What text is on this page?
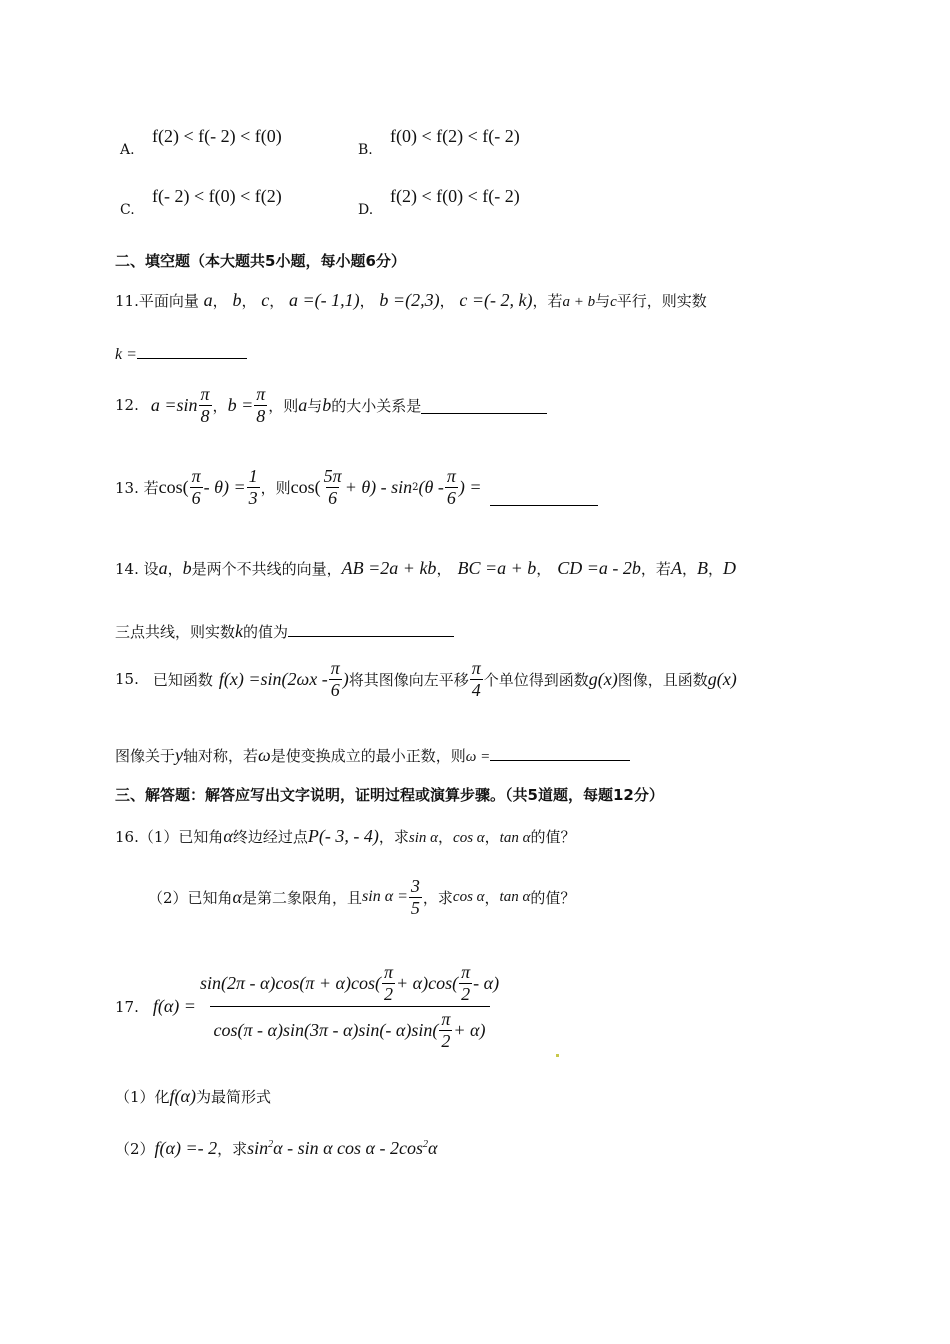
A.
f(2) < f(- 2) < f(0)
B.
f(0) < f(2) < f(- 2)
C.
f(- 2) < f(0) < f(2)
D.
f(2) < f(0) < f(- 2)
二、填空题（本大题共5小题，每小题6分）
11.平面向量 a， b， c， a =(- 1,1)， b =(2,3)， c =(- 2, k)，若a + b与c平行，则实数
k =
12. $a =\sin \frac{\pi}{8}$ ， $b = \frac{\pi}{8}$ ，则 a 与 b 的大小关系是
13. 若 $\cos( \frac{\pi}{6} - \theta) = \frac{1}{3}$ ，则 $\cos( \frac{5\pi}{6} + \theta) - \sin 2$ ($\theta - \frac{\pi}{6}$ ) =
14. 设a，b是两个不共线的向量，AB =2a + kb， BC =a + b， CD =a - 2b，若A，B，D
三点共线，则实数k的值为
15. 已知函数 $f(x) =\sin(2\omega x - \frac{\pi}{6}$ ) 将其图像向左平移 $\frac{\pi}{4}$ 个单位得到函数 g(x) 图像，且函数 g(x)
图像关于y轴对称，若ω是使变换成立的最小正数，则ω =
三、解答题：解答应写出文字说明，证明过程或演算步骤。（共5道题，每题12分）
16.（1）已知角α终边经过点P(- 3, - 4)，求sin α，cos α，tan α的值？
（2）已知角 α 是第二象限角，且 $\sin \alpha = \frac{3}{5}$ ，求 cos α ， tan α 的值？
17. f(α) =
$\sin(2\pi - \alpha)\cos(\pi + \alpha)\cos( \frac{\pi}{2} + \alpha)\cos( \frac{\pi}{2} - \alpha)$
cos(π - α)sin(3π - α)sin(- $\alpha)\sin( \frac{\pi}{2} + \alpha)$
（1）化f(α)为最简形式
（2）f(α) =- 2，求$\sin^2\alpha$ - sin α cos α - $2\cos^2\alpha$
